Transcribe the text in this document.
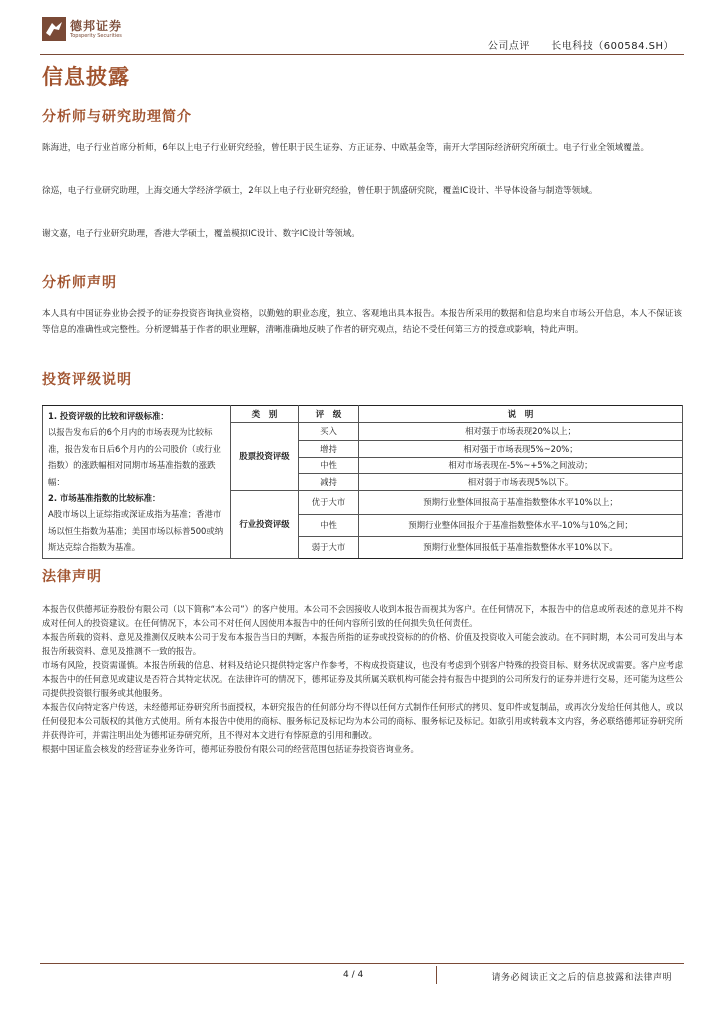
德邦证券
Topsperity Securities
公司点评 长电科技（600584.SH）
信息披露
分析师与研究助理简介
陈海进，电子行业首席分析师，6年以上电子行业研究经验，曾任职于民生证券、方正证券、中欧基金等，南开大学国际经济研究所硕士。电子行业全领域覆盖。
徐巡，电子行业研究助理，上海交通大学经济学硕士，2年以上电子行业研究经验，曾任职于凯盛研究院，覆盖IC设计、半导体设备与制造等领域。
谢文嘉，电子行业研究助理，香港大学硕士，覆盖模拟IC设计、数字IC设计等领域。
分析师声明
本人具有中国证券业协会授予的证券投资咨询执业资格，以勤勉的职业态度，独立、客观地出具本报告。本报告所采用的数据和信息均来自市场公开信息，本人不保证该等信息的准确性或完整性。分析逻辑基于作者的职业理解，清晰准确地反映了作者的研究观点，结论不受任何第三方的授意或影响，特此声明。
投资评级说明
1. 投资评级的比较和评级标准：
以报告发布后的6个月内的市场表现为比较标准，报告发布日后6个月内的公司股价（或行业指数）的涨跌幅相对同期市场基准指数的涨跌幅：
2. 市场基准指数的比较标准：
A股市场以上证综指或深证成指为基准；香港市场以恒生指数为基准；美国市场以标普500或纳斯达克综合指数为基准。	类　别	评　级	说　明
	股票投资评级	买入	相对强于市场表现20%以上；
		增持	相对强于市场表现5%~20%；
		中性	相对市场表现在-5%~+5%之间波动；
		减持	相对弱于市场表现5%以下。
	行业投资评级	优于大市	预期行业整体回报高于基准指数整体水平10%以上；
		中性	预期行业整体回报介于基准指数整体水平-10%与10%之间；
		弱于大市	预期行业整体回报低于基准指数整体水平10%以下。
法律声明

本报告仅供德邦证券股份有限公司（以下简称“本公司”）的客户使用。本公司不会因接收人收到本报告而视其为客户。在任何情况下，本报告中的信息或所表述的意见并不构成对任何人的投资建议。在任何情况下，本公司不对任何人因使用本报告中的任何内容所引致的任何损失负任何责任。

本报告所载的资料、意见及推测仅反映本公司于发布本报告当日的判断，本报告所指的证券或投资标的的价格、价值及投资收入可能会波动。在不同时期，本公司可发出与本报告所载资料、意见及推测不一致的报告。

市场有风险，投资需谨慎。本报告所载的信息、材料及结论只提供特定客户作参考，不构成投资建议，也没有考虑到个别客户特殊的投资目标、财务状况或需要。客户应考虑本报告中的任何意见或建议是否符合其特定状况。在法律许可的情况下，德邦证券及其所属关联机构可能会持有报告中提到的公司所发行的证券并进行交易，还可能为这些公司提供投资银行服务或其他服务。

本报告仅向特定客户传送，未经德邦证券研究所书面授权，本研究报告的任何部分均不得以任何方式制作任何形式的拷贝、复印件或复制品，或再次分发给任何其他人，或以任何侵犯本公司版权的其他方式使用。所有本报告中使用的商标、服务标记及标记均为本公司的商标、服务标记及标记。如欲引用或转载本文内容，务必联络德邦证券研究所并获得许可，并需注明出处为德邦证券研究所，且不得对本文进行有悖原意的引用和删改。

根据中国证监会核发的经营证券业务许可，德邦证券股份有限公司的经营范围包括证券投资咨询业务。

4 / 4	请务必阅读正文之后的信息披露和法律声明
